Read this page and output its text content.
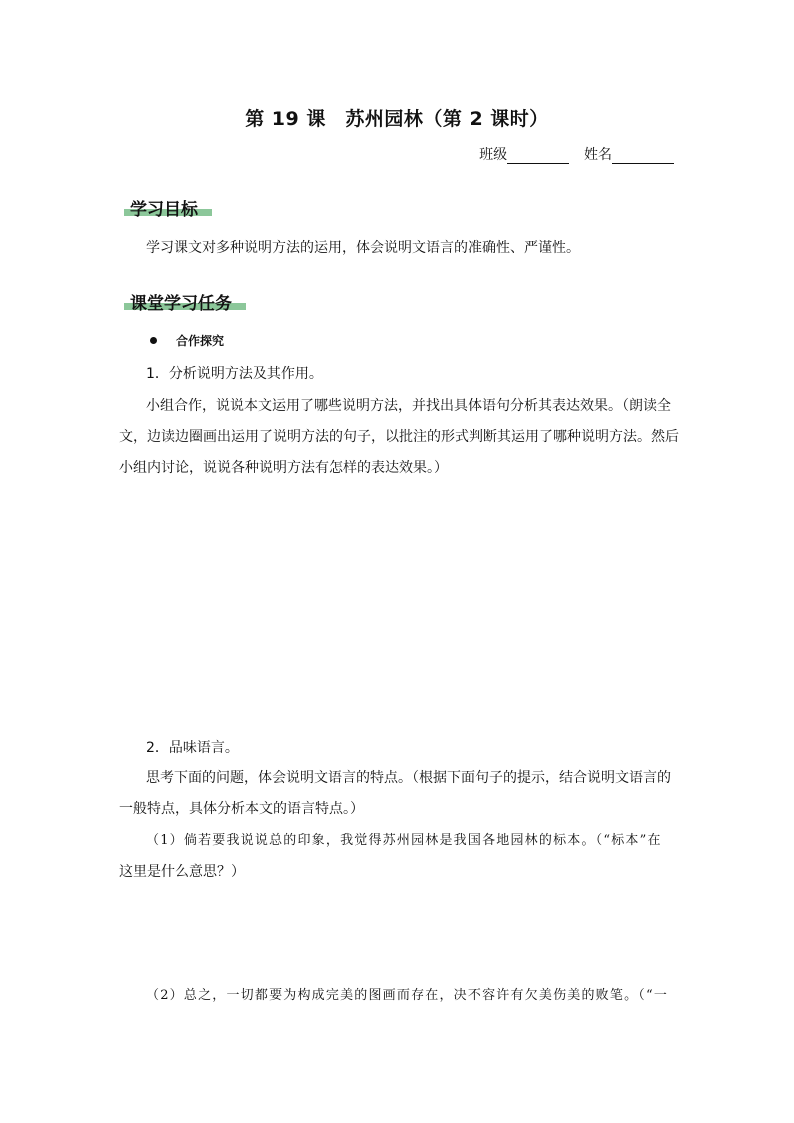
第 19 课　苏州园林（第 2 课时）
班级	姓名
学习目标
学习课文对多种说明方法的运用，体会说明文语言的准确性、严谨性。
课堂学习任务
合作探究
1．分析说明方法及其作用。
小组合作，说说本文运用了哪些说明方法，并找出具体语句分析其表达效果。（朗读全
文，边读边圈画出运用了说明方法的句子，以批注的形式判断其运用了哪种说明方法。然后
小组内讨论，说说各种说明方法有怎样的表达效果。）
2．品味语言。
思考下面的问题，体会说明文语言的特点。（根据下面句子的提示，结合说明文语言的
一般特点，具体分析本文的语言特点。）
（1）倘若要我说说总的印象，我觉得苏州园林是我国各地园林的标本。（“标本”在
这里是什么意思？）
（2）总之，一切都要为构成完美的图画而存在，决不容许有欠美伤美的败笔。（“一
